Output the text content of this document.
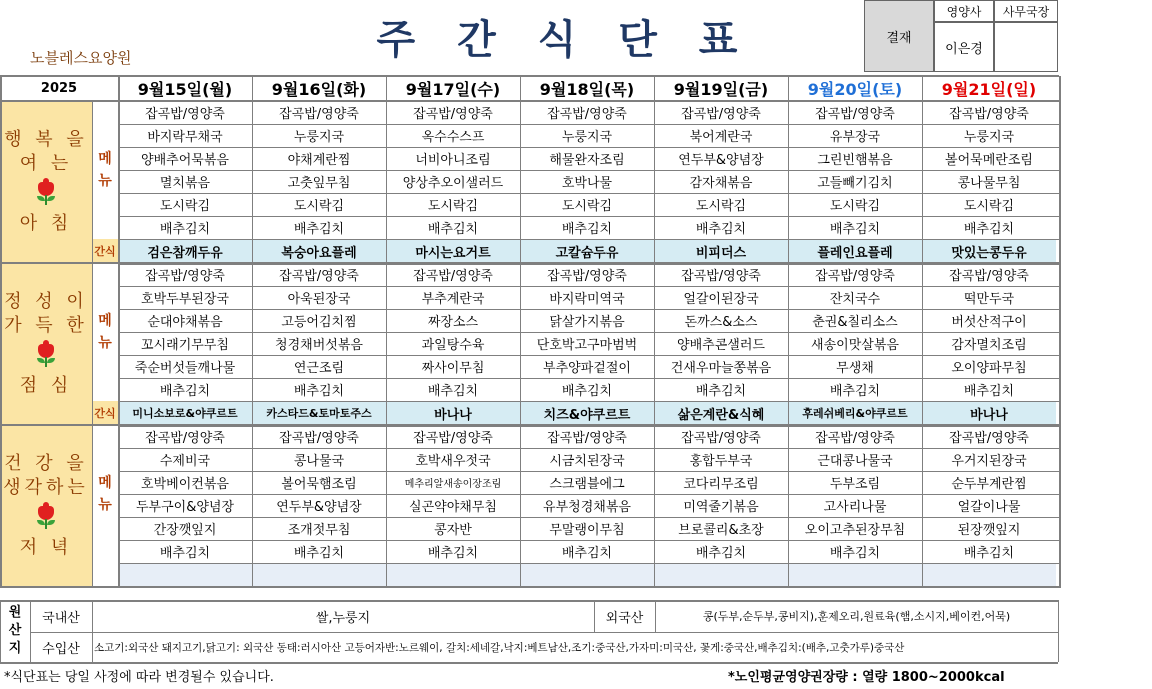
주 간 식 단 표
노블레스요양원
결재
영양사	사무국장
이은경
2025	9월15일(월)	9월16일(화)	9월17일(수)	9월18일(목)	9월19일(금)	9월20일(토)	9월21일(일)
행 복 을
여 는
아 침
메뉴
잡곡밥/영양죽	잡곡밥/영양죽	잡곡밥/영양죽	잡곡밥/영양죽	잡곡밥/영양죽	잡곡밥/영양죽	잡곡밥/영양죽
바지락무채국	누룽지국	옥수수스프	누룽지국	북어계란국	유부장국	누룽지국
양배추어묵볶음	야채계란찜	너비아니조림	해물완자조림	연두부&양념장	그린빈햄볶음	볼어묵메란조림
멸치볶음	고춧잎무침	양상추오이샐러드	호박나물	감자채볶음	고들빼기김치	콩나물무침
도시락김	도시락김	도시락김	도시락김	도시락김	도시락김	도시락김
배추김치	배추김치	배추김치	배추김치	배추김치	배추김치	배추김치
간식	검은참깨두유	복숭아요플레	마시는요거트	고칼슘두유	비피더스	플레인요플레	맛있는콩두유
정 성 이
가 득 한
점 심
메뉴
잡곡밥/영양죽	잡곡밥/영양죽	잡곡밥/영양죽	잡곡밥/영양죽	잡곡밥/영양죽	잡곡밥/영양죽	잡곡밥/영양죽
호박두부된장국	아욱된장국	부추계란국	바지락미역국	얼갈이된장국	잔치국수	떡만두국
순대야채볶음	고등어김치찜	짜장소스	닭살가지볶음	돈까스&소스	춘권&칠리소스	버섯산적구이
꼬시래기무무침	청경채버섯볶음	과일탕수육	단호박고구마범벅	양배추콘샐러드	새송이맛살볶음	감자멸치조림
죽순버섯들깨나물	연근조림	짜사이무침	부추양파겉절이	건새우마늘쫑볶음	무생채	오이양파무침
배추김치	배추김치	배추김치	배추김치	배추김치	배추김치	배추김치
간식	미니소보로&야쿠르트	카스타드&토마토주스	바나나	치즈&야쿠르트	삶은계란&식혜	후레쉬베리&야쿠르트	바나나
건 강 을
생각하는
저 녁
메뉴
잡곡밥/영양죽	잡곡밥/영양죽	잡곡밥/영양죽	잡곡밥/영양죽	잡곡밥/영양죽	잡곡밥/영양죽	잡곡밥/영양죽
수제비국	콩나물국	호박새우젓국	시금치된장국	홍합두부국	근대콩나물국	우거지된장국
호박베이컨볶음	볼어묵햄조림	메추리알새송이장조림	스크램블에그	코다리무조림	두부조림	순두부계란찜
두부구이&양념장	연두부&양념장	실곤약야채무침	유부청경채볶음	미역줄기볶음	고사리나물	얼갈이나물
간장깻잎지	조개젓무침	콩자반	무말랭이무침	브로콜리&초장	오이고추된장무침	된장깻잎지
배추김치	배추김치	배추김치	배추김치	배추김치	배추김치	배추김치
원산지
국내산	쌀,누룽지	외국산	콩(두부,순두부,콩비지),훈제오리,원료육(햄,소시지,베이컨,어묵)
수입산	소고기:외국산 돼지고기,닭고기: 외국산 동태:러시아산 고등어자반:노르웨이, 갈치:세네갈,낙지:베트남산,조기:중국산,가자미:미국산, 꽃게:중국산,배추김치:(배추,고춧가루)중국산
*식단표는 당일 사정에 따라 변경될수 있습니다.	*노인평균영양권장량 : 열량 1800~2000kcal
